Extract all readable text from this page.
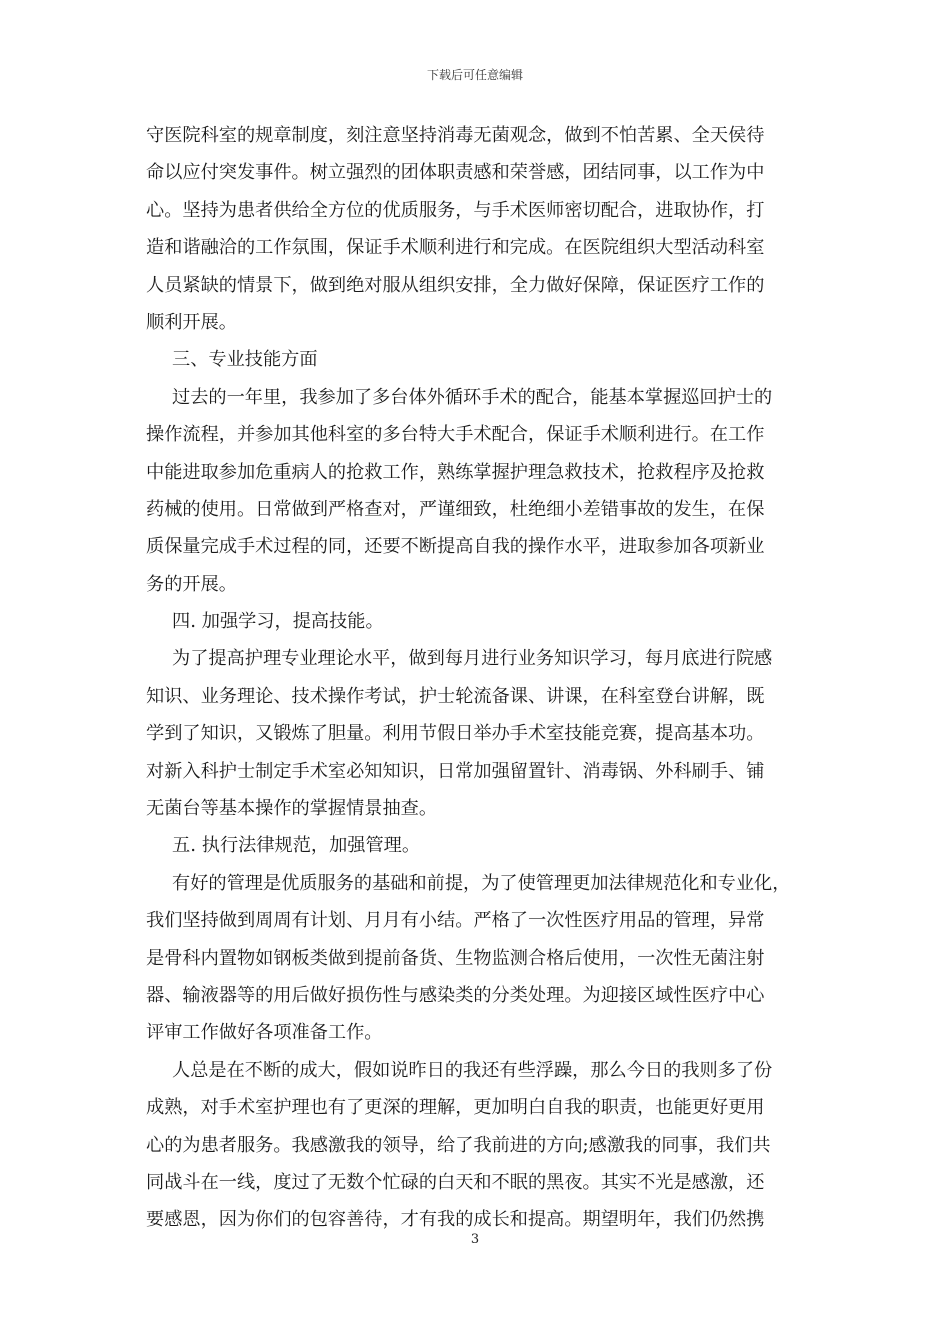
下载后可任意编辑
守医院科室的规章制度，刻注意坚持消毒无菌观念，做到不怕苦累、全天侯待
命以应付突发事件。树立强烈的团体职责感和荣誉感，团结同事，以工作为中
心。坚持为患者供给全方位的优质服务，与手术医师密切配合，进取协作，打
造和谐融洽的工作氛围，保证手术顺利进行和完成。在医院组织大型活动科室
人员紧缺的情景下，做到绝对服从组织安排，全力做好保障，保证医疗工作的
顺利开展。
三、专业技能方面
过去的一年里，我参加了多台体外循环手术的配合，能基本掌握巡回护士的
操作流程，并参加其他科室的多台特大手术配合，保证手术顺利进行。在工作
中能进取参加危重病人的抢救工作，熟练掌握护理急救技术，抢救程序及抢救
药械的使用。日常做到严格查对，严谨细致，杜绝细小差错事故的发生，在保
质保量完成手术过程的同，还要不断提高自我的操作水平，进取参加各项新业
务的开展。
四. 加强学习，提高技能。
为了提高护理专业理论水平，做到每月进行业务知识学习，每月底进行院感
知识、业务理论、技术操作考试，护士轮流备课、讲课，在科室登台讲解，既
学到了知识，又锻炼了胆量。利用节假日举办手术室技能竞赛，提高基本功。
对新入科护士制定手术室必知知识，日常加强留置针、消毒锅、外科刷手、铺
无菌台等基本操作的掌握情景抽查。
五. 执行法律规范，加强管理。
有好的管理是优质服务的基础和前提，为了使管理更加法律规范化和专业化，
我们坚持做到周周有计划、月月有小结。严格了一次性医疗用品的管理，异常
是骨科内置物如钢板类做到提前备货、生物监测合格后使用，一次性无菌注射
器、输液器等的用后做好损伤性与感染类的分类处理。为迎接区域性医疗中心
评审工作做好各项准备工作。
人总是在不断的成大，假如说昨日的我还有些浮躁，那么今日的我则多了份
成熟，对手术室护理也有了更深的理解，更加明白自我的职责，也能更好更用
心的为患者服务。我感激我的领导，给了我前进的方向;感激我的同事，我们共
同战斗在一线，度过了无数个忙碌的白天和不眠的黑夜。其实不光是感激，还
要感恩，因为你们的包容善待，才有我的成长和提高。期望明年，我们仍然携
3
